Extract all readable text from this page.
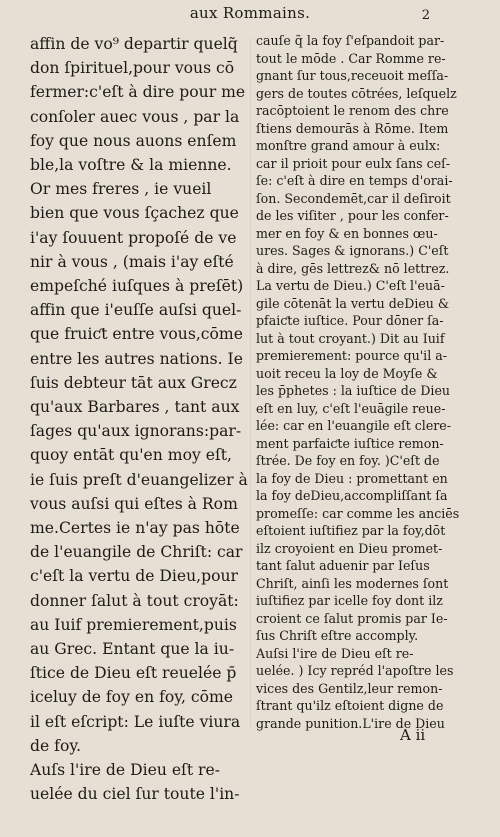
aux Rommains.	2
affin de vo⁹ departir quelq̃
don ſpirituel,pour vous cō
fermer:c'eſt à dire pour me
conſoler auec vous , par la
foy que nous auons enſem
ble,la voſtre & la mienne.
Or mes freres , ie vueil
bien que vous ſçachez que
i'ay ſouuent propoſé de ve
nir à vous , (mais i'ay eſté
empeſché iuſques à preſēt)
affin que i'euſſe auſsi quel-
que fruiƈt entre vous,cōme
entre les autres nations. Ie
ſuis debteur tāt aux Grecz
qu'aux Barbares , tant aux
ſages qu'aux ignorans:par-
quoy entāt qu'en moy eſt,
ie ſuis preſt d'euangelizer à
vous auſsi qui eſtes à Rom
me.Certes ie n'ay pas hōte
de l'euangile de Chriſt: car
c'eſt la vertu de Dieu,pour
donner ſalut à tout croyāt:
au Iuif premierement,puis
au Grec. Entant que la iu-
ſtice de Dieu eſt reuelée p̄
iceluy de foy en foy, cōme
il eſt eſcript: Le iuſte viura
de foy.
Auſs l'ire de Dieu eſt re-
uelée du ciel ſur toute l'in-
cauſe q̃ la foy ſ'eſpandoit par-
tout le mōde . Car Romme re-
gnant ſur tous,receuoit meſſa-
gers de toutes cōtrées, leſquelz
racōptoient le renom des chre
ſtiens demourās à Rōme. Item
monſtre grand amour à eulx:
car il prioit pour eulx ſans ceſ-
ſe: c'eſt à dire en temps d'orai-
ſon. Secondemēt,car il deſiroit
de les viſiter , pour les confer-
mer en foy & en bonnes œu-
ures. Sages & ignorans.) C'eſt
à dire, gēs lettrez& nō lettrez.
La vertu de Dieu.) C'eſt l'euā-
gile cōtenāt la vertu deDieu &
pfaiƈte iuſtice. Pour dōner ſa-
lut à tout croyant.) Dit au Iuif
premierement: pource qu'il a-
uoit receu la loy de Moyſe &
les p̄phetes : la iuſtice de Dieu
eſt en luy, c'eſt l'euāgile reue-
lée: car en l'euangile eſt clere-
ment parfaiƈte iuſtice remon-
ſtrée. De foy en foy. )C'eſt de
la foy de Dieu : promettant en
la foy deDieu,accompliſſant ſa
promeſſe: car comme les anciēs
eſtoient iuſtifiez par la foy,dōt
ilz croyoient en Dieu promet-
tant ſalut aduenir par Ieſus
Chriſt, ainſi les modernes ſont
iuſtifiez par icelle foy dont ilz
croient ce ſalut promis par Ie-
ſus Chriſt eſtre accomply.
Auſsi l'ire de Dieu eſt re-
uelée. ) Icy repréd l'apoſtre les
vices des Gentilz,leur remon-
ſtrant qu'ilz eſtoient digne de
grande punition.L'ire de Dieu
A ii
